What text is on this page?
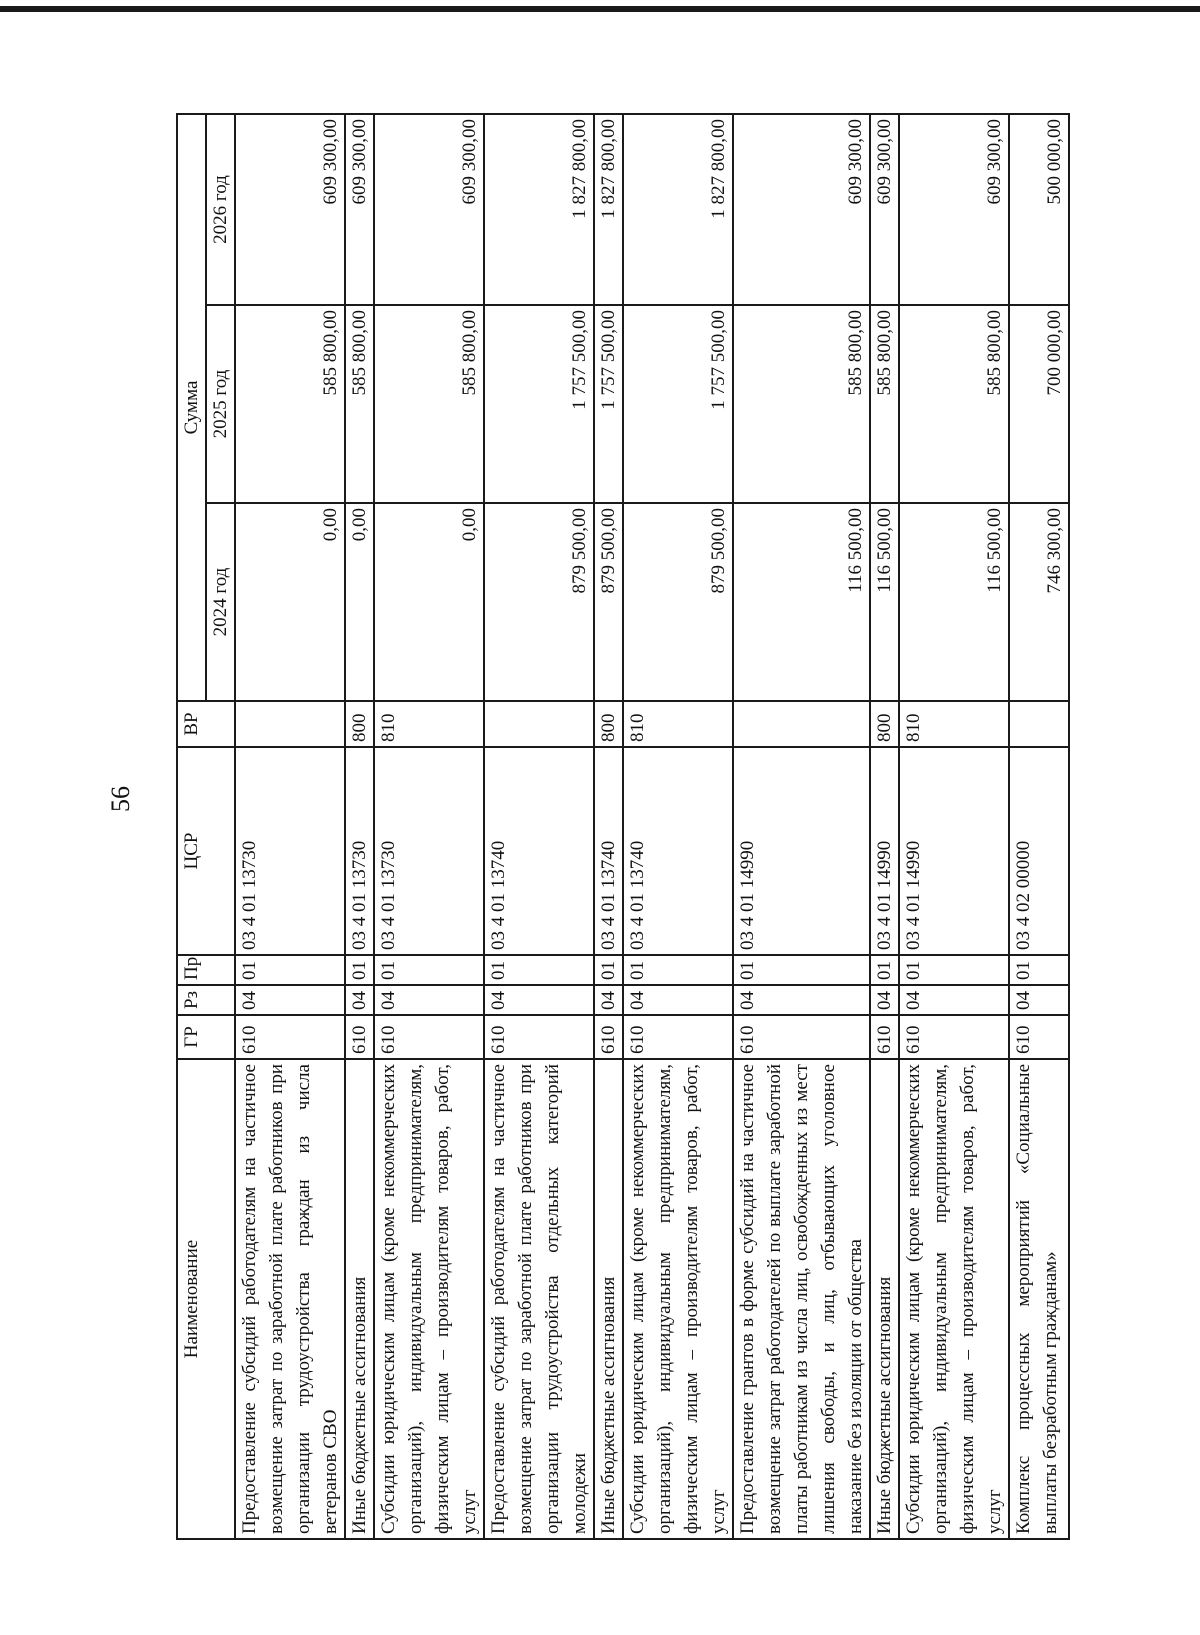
56
Наименование	ГР	Рз	Пр	ЦСР	ВР	Сумма		
						2024 год	2025 год	2026 год
Предоставление субсидий работодателям на частичное возмещение затрат по заработной плате работников при организации трудоустройства граждан из числа ветеранов СВО	610	04	01	03 4 01 13730		0,00	585 800,00	609 300,00
Иные бюджетные ассигнования	610	04	01	03 4 01 13730	800	0,00	585 800,00	609 300,00
Субсидии юридическим лицам (кроме некоммерческих организаций), индивидуальным предпринимателям, физическим лицам – производителям товаров, работ, услуг	610	04	01	03 4 01 13730	810	0,00	585 800,00	609 300,00
Предоставление субсидий работодателям на частичное возмещение затрат по заработной плате работников при организации трудоустройства отдельных категорий молодежи	610	04	01	03 4 01 13740		879 500,00	1 757 500,00	1 827 800,00
Иные бюджетные ассигнования	610	04	01	03 4 01 13740	800	879 500,00	1 757 500,00	1 827 800,00
Субсидии юридическим лицам (кроме некоммерческих организаций), индивидуальным предпринимателям, физическим лицам – производителям товаров, работ, услуг	610	04	01	03 4 01 13740	810	879 500,00	1 757 500,00	1 827 800,00
Предоставление грантов в форме субсидий на частичное возмещение затрат работодателей по выплате заработной платы работникам из числа лиц, освобожденных из мест лишения свободы, и лиц, отбывающих уголовное наказание без изоляции от общества	610	04	01	03 4 01 14990		116 500,00	585 800,00	609 300,00
Иные бюджетные ассигнования	610	04	01	03 4 01 14990	800	116 500,00	585 800,00	609 300,00
Субсидии юридическим лицам (кроме некоммерческих организаций), индивидуальным предпринимателям, физическим лицам – производителям товаров, работ, услуг	610	04	01	03 4 01 14990	810	116 500,00	585 800,00	609 300,00
Комплекс процессных мероприятий «Социальные выплаты безработным гражданам»	610	04	01	03 4 02 00000		746 300,00	700 000,00	500 000,00
